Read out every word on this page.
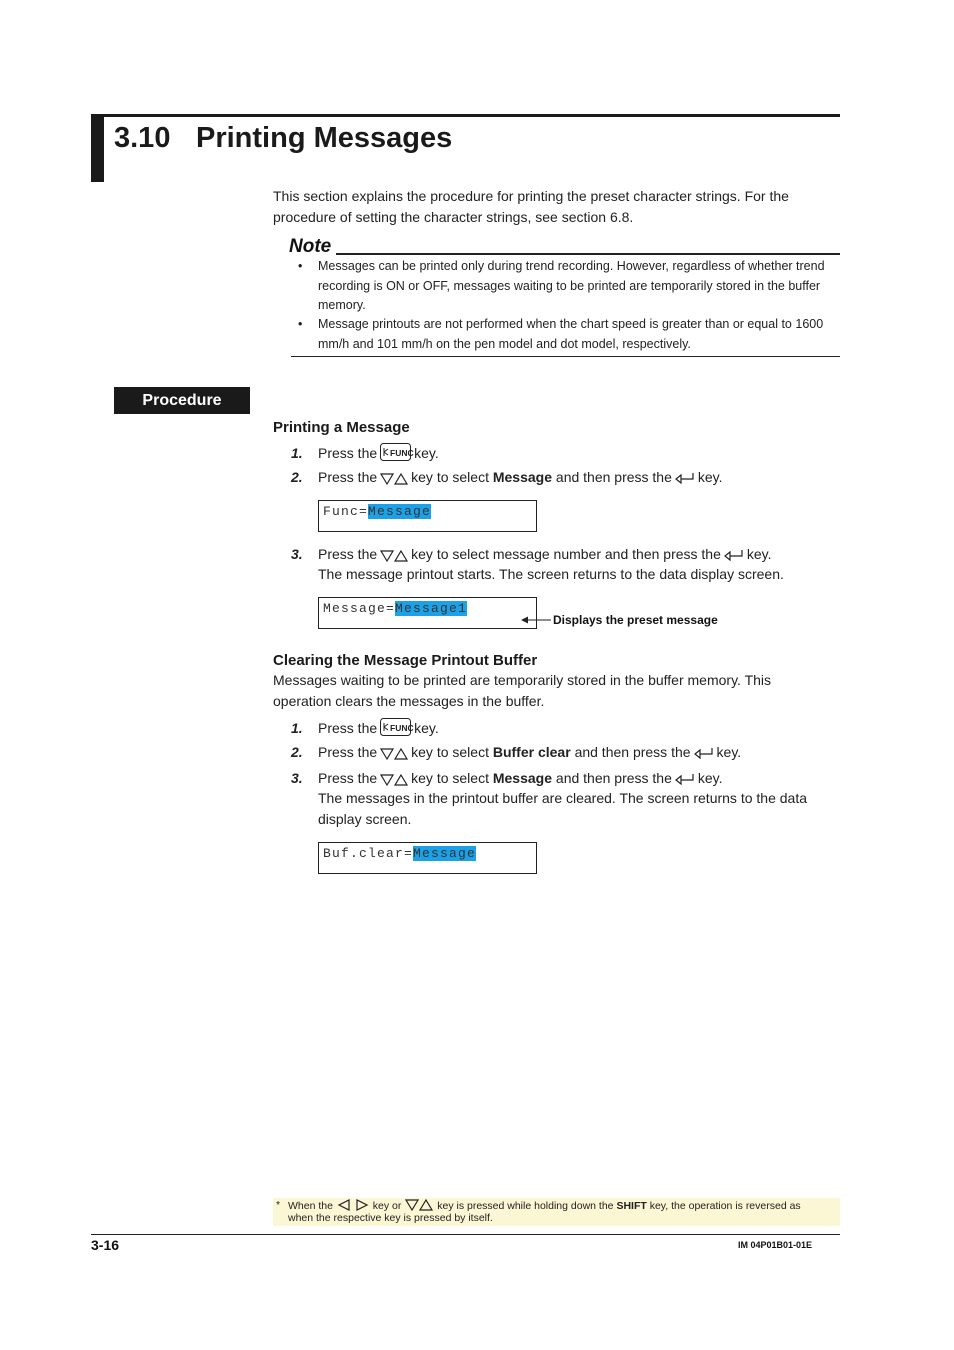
3.10 Printing Messages
This section explains the procedure for printing the preset character strings. For the
procedure of setting the character strings, see section 6.8.
Note
• Messages can be printed only during trend recording. However, regardless of whether trend
recording is ON or OFF, messages waiting to be printed are temporarily stored in the buffer
memory.
• Message printouts are not performed when the chart speed is greater than or equal to 1600
mm/h and 101 mm/h on the pen model and dot model, respectively.
Procedure
Printing a Message
1. Press the FUNC key.
2. Press the key to select Message and then press the key.
Func=Message
3. Press the key to select message number and then press the key.
The message printout starts. The screen returns to the data display screen.
Message=Message1
Displays the preset message
Clearing the Message Printout Buffer
Messages waiting to be printed are temporarily stored in the buffer memory. This
operation clears the messages in the buffer.
1. Press the FUNC key.
2. Press the key to select Buffer clear and then press the key.
3. Press the key to select Message and then press the key.
The messages in the printout buffer are cleared. The screen returns to the data
display screen.
Buf.clear=Message
* When the	key or	key is pressed while holding down the SHIFT key, the operation is reversed as
when the respective key is pressed by itself.
3-16	IM 04P01B01-01E
